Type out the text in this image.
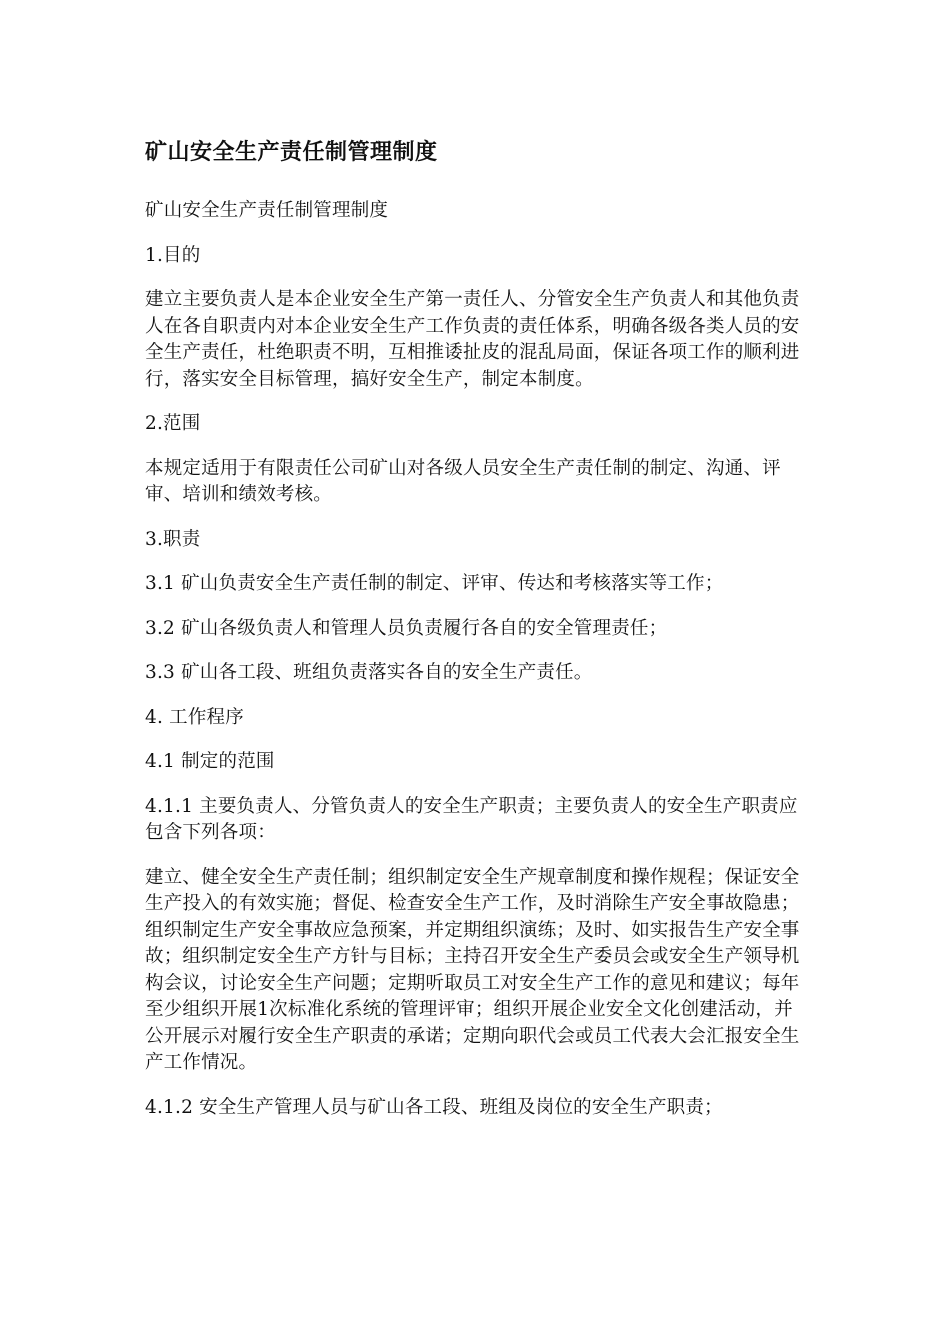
矿山安全生产责任制管理制度

矿山安全生产责任制管理制度

1.目的

建立主要负责人是本企业安全生产第一责任人、分管安全生产负责人和其他负责人在各自职责内对本企业安全生产工作负责的责任体系，明确各级各类人员的安全生产责任，杜绝职责不明，互相推诿扯皮的混乱局面，保证各项工作的顺利进行，落实安全目标管理，搞好安全生产，制定本制度。

2.范围

本规定适用于有限责任公司矿山对各级人员安全生产责任制的制定、沟通、评审、培训和绩效考核。

3.职责

3.1 矿山负责安全生产责任制的制定、评审、传达和考核落实等工作；

3.2 矿山各级负责人和管理人员负责履行各自的安全管理责任；

3.3 矿山各工段、班组负责落实各自的安全生产责任。

4. 工作程序

4.1 制定的范围

4.1.1 主要负责人、分管负责人的安全生产职责；主要负责人的安全生产职责应包含下列各项：

建立、健全安全生产责任制；组织制定安全生产规章制度和操作规程；保证安全生产投入的有效实施；督促、检查安全生产工作，及时消除生产安全事故隐患；组织制定生产安全事故应急预案，并定期组织演练；及时、如实报告生产安全事故；组织制定安全生产方针与目标；主持召开安全生产委员会或安全生产领导机构会议，讨论安全生产问题；定期听取员工对安全生产工作的意见和建议；每年至少组织开展1次标准化系统的管理评审；组织开展企业安全文化创建活动，并公开展示对履行安全生产职责的承诺；定期向职代会或员工代表大会汇报安全生产工作情况。

4.1.2 安全生产管理人员与矿山各工段、班组及岗位的安全生产职责；
